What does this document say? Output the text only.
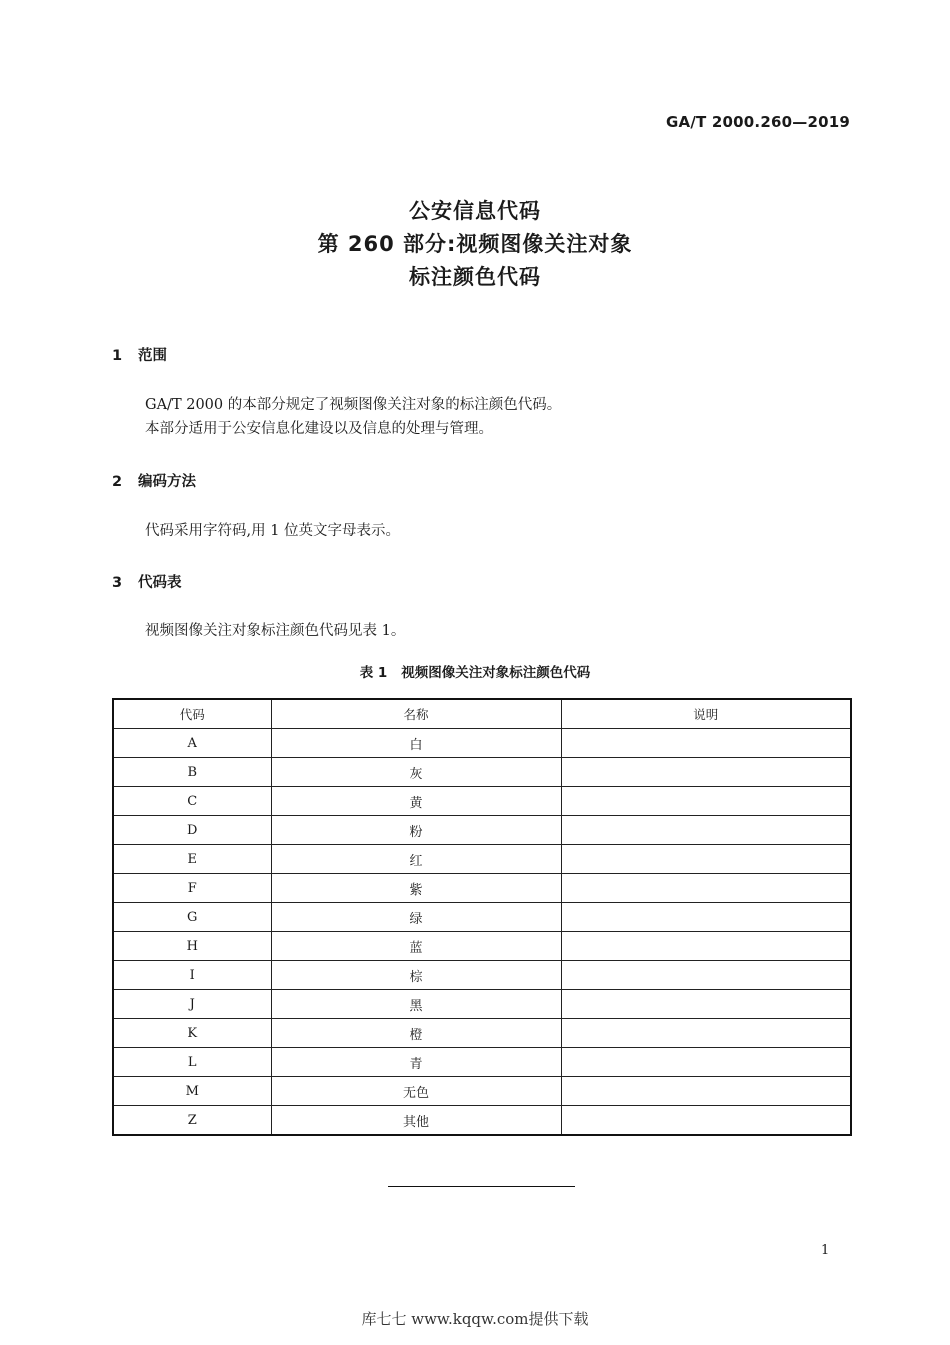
GA/T 2000.260—2019
公安信息代码
第 260 部分:视频图像关注对象
标注颜色代码
1 范围
GA/T 2000 的本部分规定了视频图像关注对象的标注颜色代码。
本部分适用于公安信息化建设以及信息的处理与管理。
2 编码方法
代码采用字符码,用 1 位英文字母表示。
3 代码表
视频图像关注对象标注颜色代码见表 1。
表 1 视频图像关注对象标注颜色代码
代码	名称	说明
A	白	
B	灰	
C	黄	
D	粉	
E	红	
F	紫	
G	绿	
H	蓝	
I	棕	
J	黑	
K	橙	
L	青	
M	无色	
Z	其他	
1
库七七 www.kqqw.com提供下载
